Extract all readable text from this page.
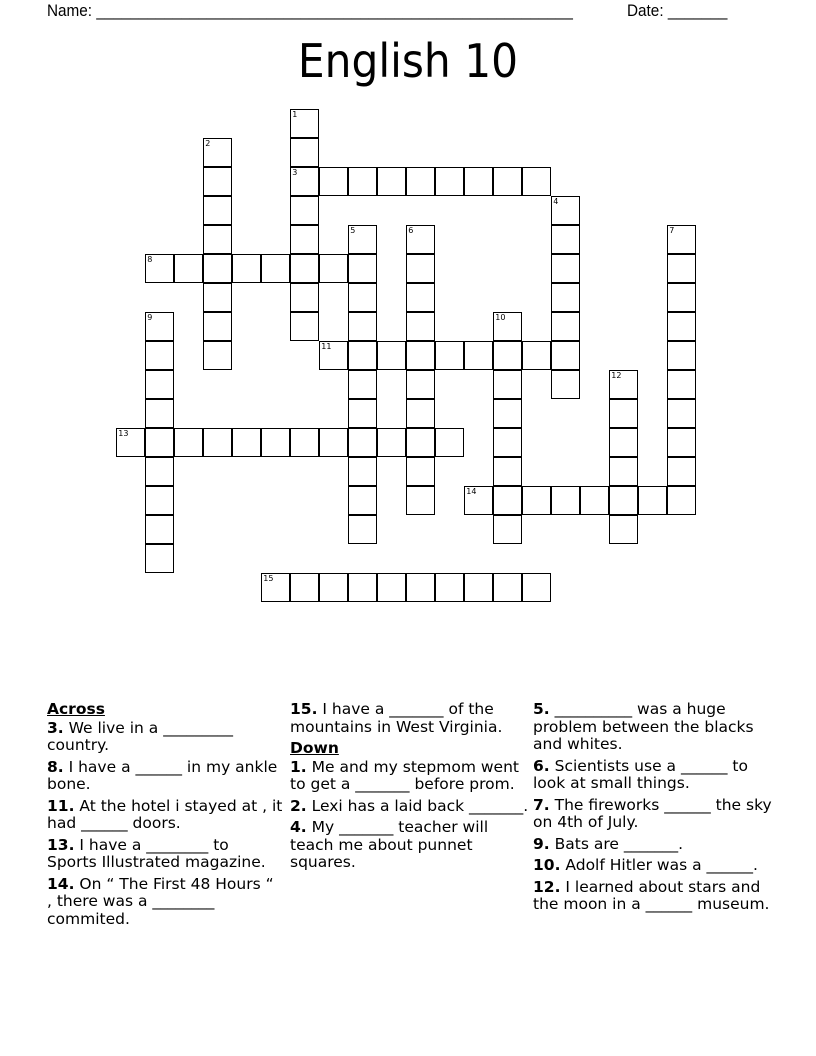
Name: ________________________________________________________	Date: _______
English 10
1
3
2
4
5	6	7
8
9	10
11
12
13
14
15
Across
3. We live in a _________ country.
8. I have a ______ in my ankle bone.
11. At the hotel i stayed at , it had ______ doors.
13. I have a ________ to Sports Illustrated magazine.
14. On “ The First 48 Hours “ , there was a ________ commited.
15. I have a _______ of the mountains in West Virginia.
Down
1. Me and my stepmom went to get a _______ before prom.
2. Lexi has a laid back _______.
4. My _______ teacher will teach me about punnet squares.
5. __________ was a huge problem between the blacks and whites.
6. Scientists use a ______ to look at small things.
7. The fireworks ______ the sky on 4th of July.
9. Bats are _______.
10. Adolf Hitler was a ______.
12. I learned about stars and the moon in a ______ museum.
